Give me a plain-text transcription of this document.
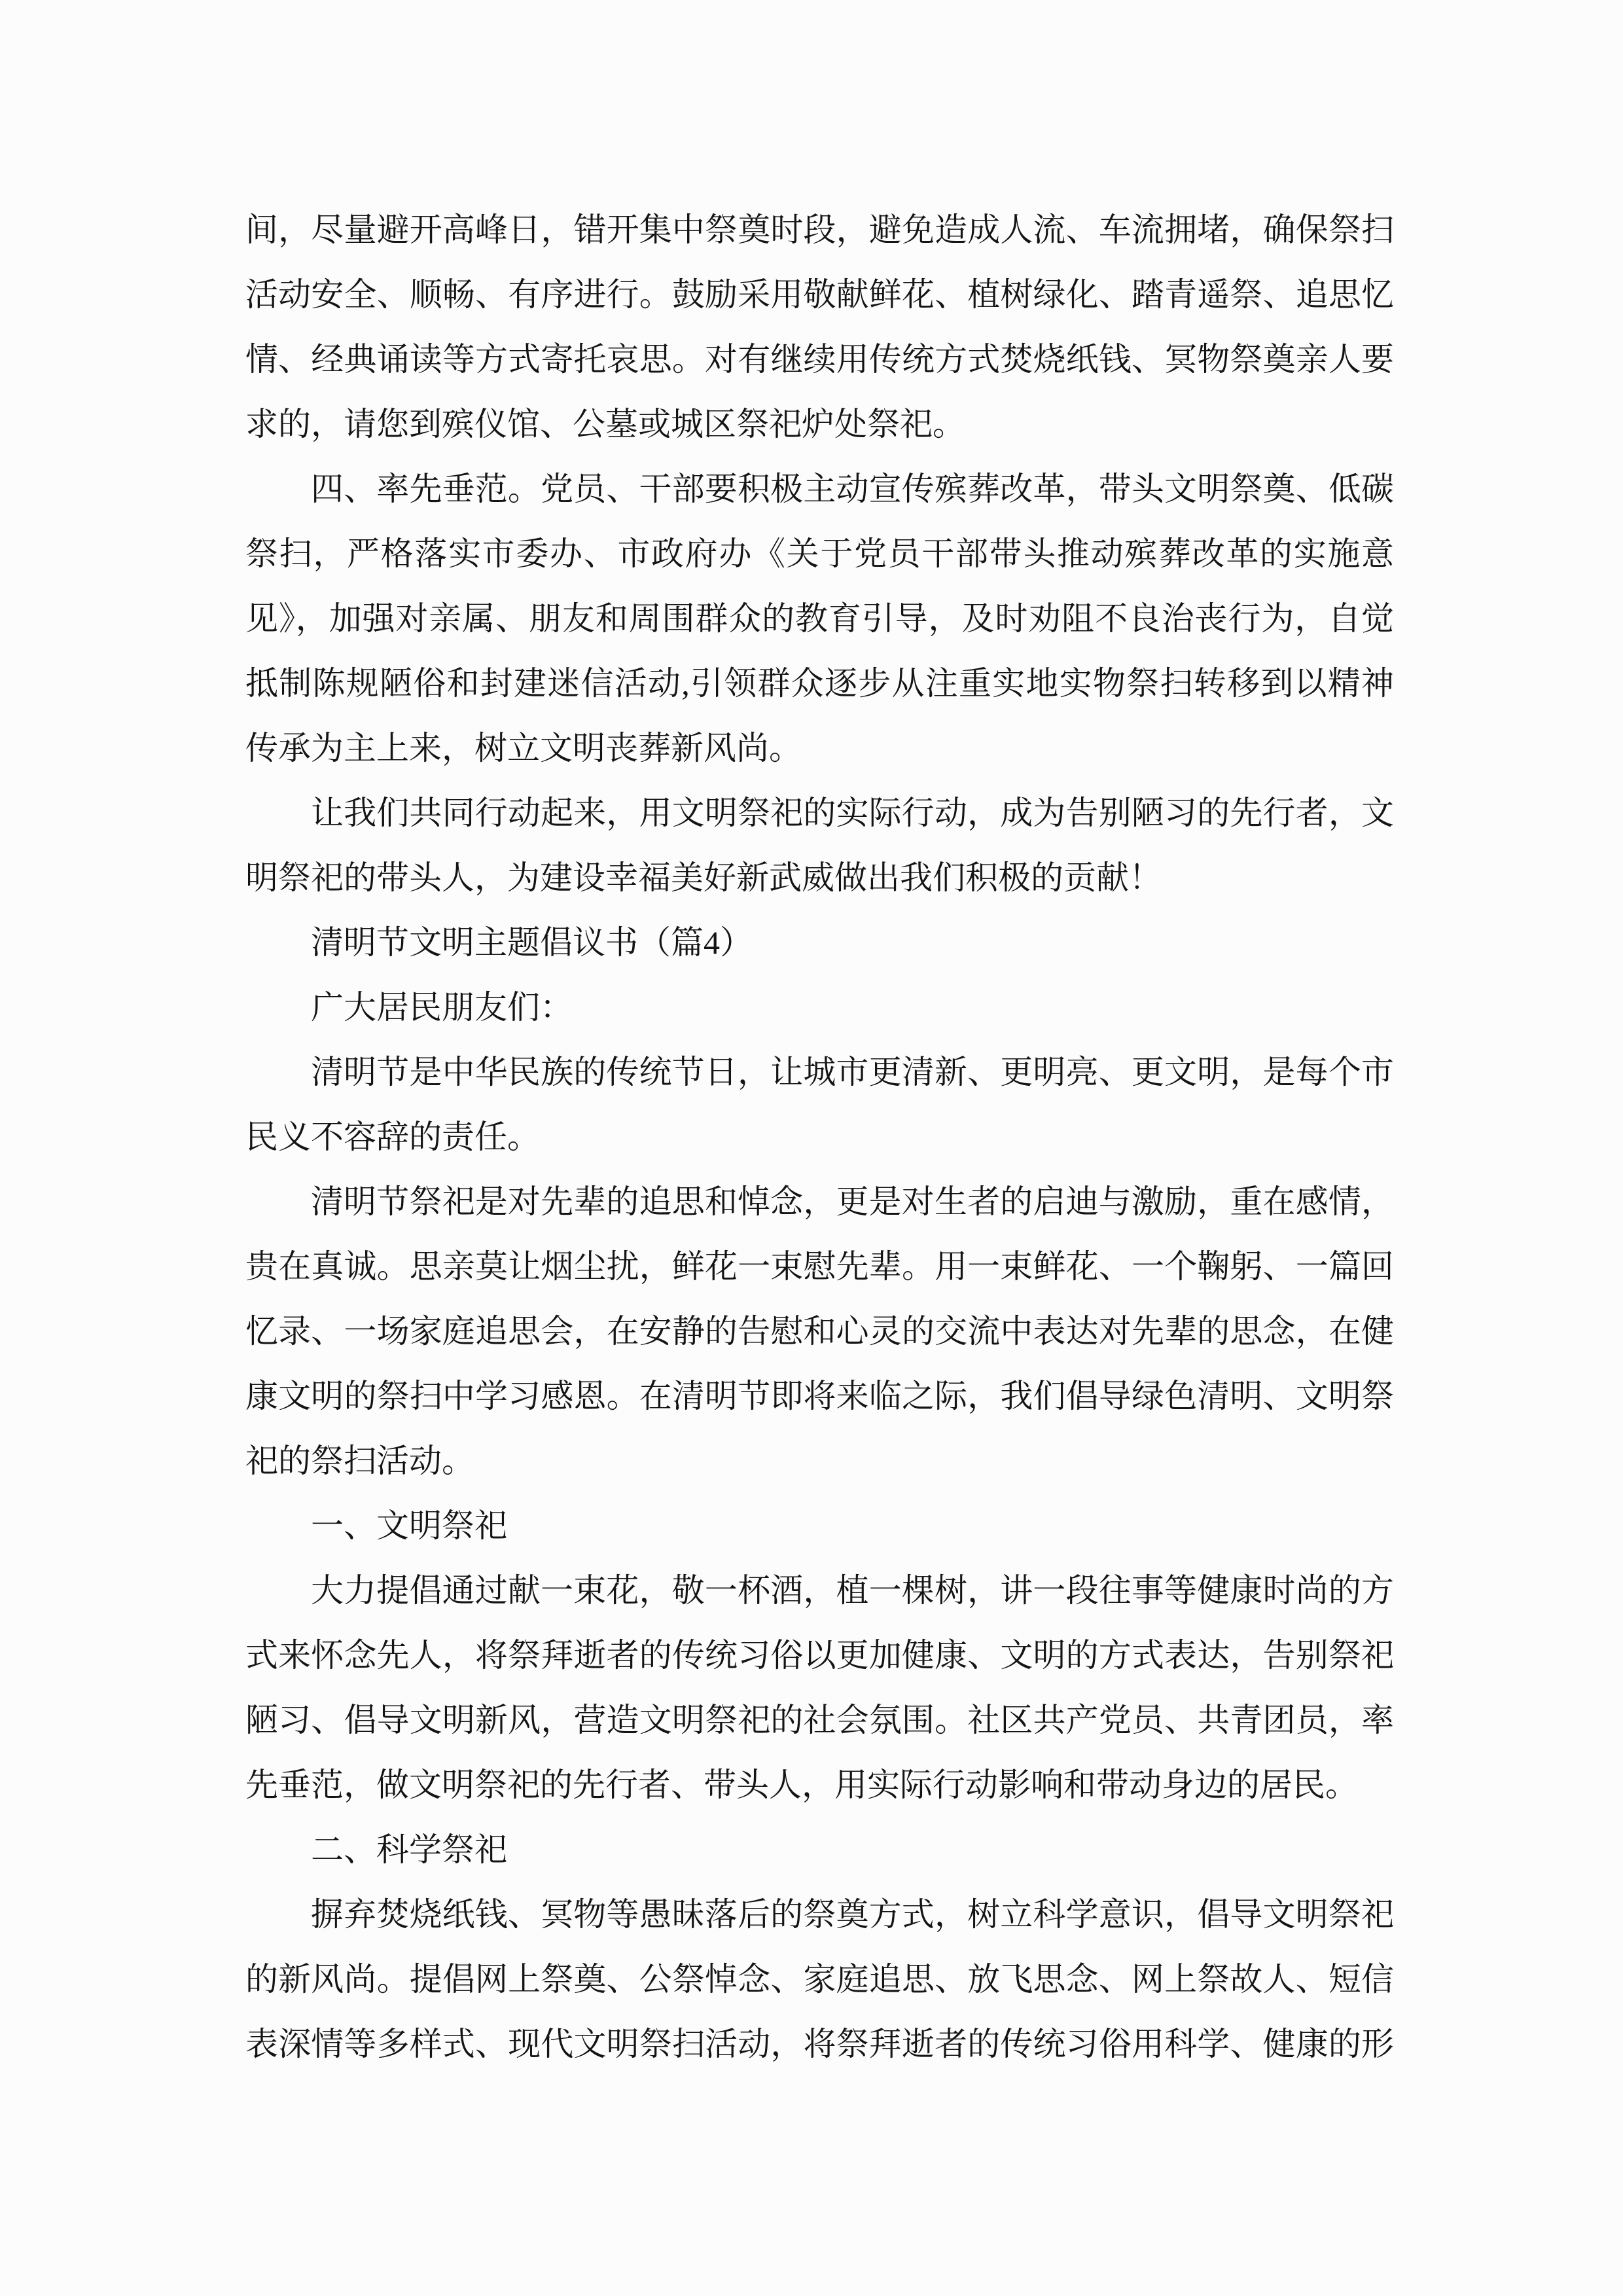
间，尽量避开高峰日，错开集中祭奠时段，避免造成人流、车流拥堵，确保祭扫
活动安全、顺畅、有序进行。鼓励采用敬献鲜花、植树绿化、踏青遥祭、追思忆
情、经典诵读等方式寄托哀思。对有继续用传统方式焚烧纸钱、冥物祭奠亲人要
求的，请您到殡仪馆、公墓或城区祭祀炉处祭祀。
四、率先垂范。党员、干部要积极主动宣传殡葬改革，带头文明祭奠、低碳
祭扫，严格落实市委办、市政府办《关于党员干部带头推动殡葬改革的实施意
见》，加强对亲属、朋友和周围群众的教育引导，及时劝阻不良治丧行为，自觉
抵制陈规陋俗和封建迷信活动,引领群众逐步从注重实地实物祭扫转移到以精神
传承为主上来，树立文明丧葬新风尚。
让我们共同行动起来，用文明祭祀的实际行动，成为告别陋习的先行者，文
明祭祀的带头人，为建设幸福美好新武威做出我们积极的贡献！
清明节文明主题倡议书（篇4）
广大居民朋友们：
清明节是中华民族的传统节日，让城市更清新、更明亮、更文明，是每个市
民义不容辞的责任。
清明节祭祀是对先辈的追思和悼念，更是对生者的启迪与激励，重在感情，
贵在真诚。思亲莫让烟尘扰，鲜花一束慰先辈。用一束鲜花、一个鞠躬、一篇回
忆录、一场家庭追思会，在安静的告慰和心灵的交流中表达对先辈的思念，在健
康文明的祭扫中学习感恩。在清明节即将来临之际，我们倡导绿色清明、文明祭
祀的祭扫活动。
一、文明祭祀
大力提倡通过献一束花，敬一杯酒，植一棵树，讲一段往事等健康时尚的方
式来怀念先人，将祭拜逝者的传统习俗以更加健康、文明的方式表达，告别祭祀
陋习、倡导文明新风，营造文明祭祀的社会氛围。社区共产党员、共青团员，率
先垂范，做文明祭祀的先行者、带头人，用实际行动影响和带动身边的居民。
二、科学祭祀
摒弃焚烧纸钱、冥物等愚昧落后的祭奠方式，树立科学意识，倡导文明祭祀
的新风尚。提倡网上祭奠、公祭悼念、家庭追思、放飞思念、网上祭故人、短信
表深情等多样式、现代文明祭扫活动，将祭拜逝者的传统习俗用科学、健康的形
